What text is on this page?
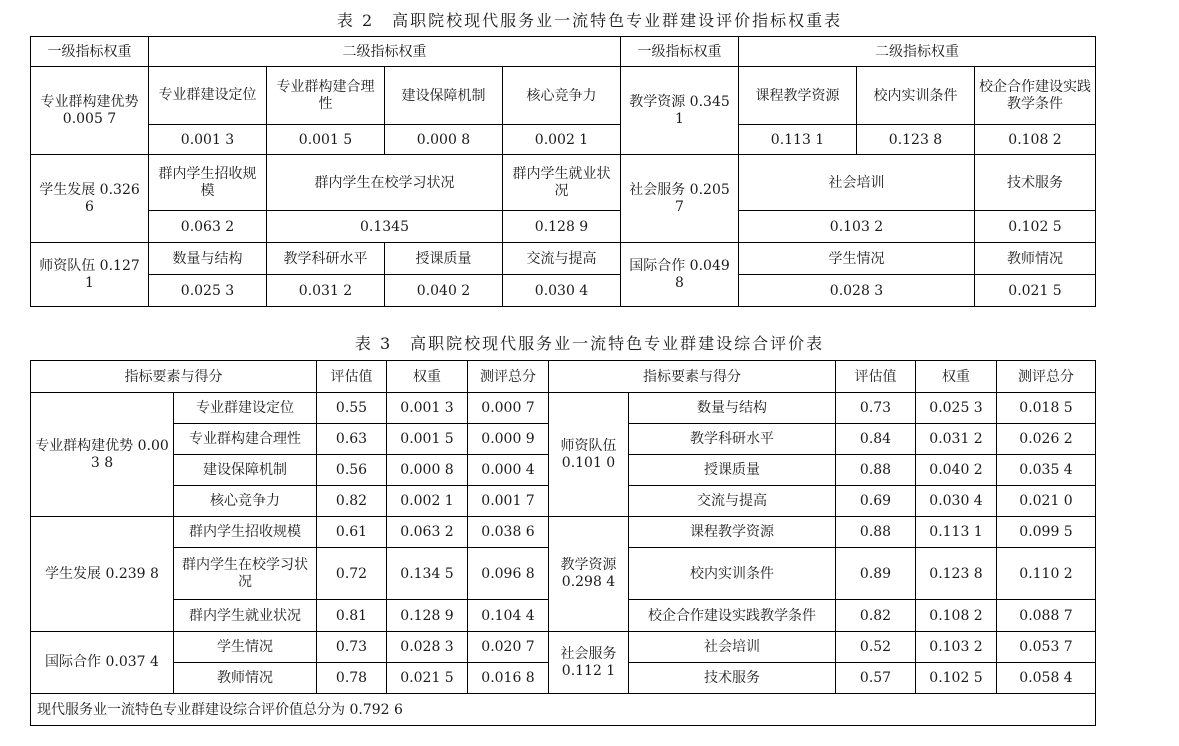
表 2　高职院校现代服务业一流特色专业群建设评价指标权重表
一级指标权重	二级指标权重				一级指标权重	二级指标权重		
专业群构建优势 0.005 7	专业群建设定位	专业群构建合理性	建设保障机制	核心竞争力	教学资源 0.345 1	课程教学资源	校内实训条件	校企合作建设实践教学条件
	0.001 3	0.001 5	0.000 8	0.002 1		0.113 1	0.123 8	0.108 2
学生发展 0.326 6	群内学生招收规模	群内学生在校学习状况		群内学生就业状况	社会服务 0.205 7	社会培训		技术服务
	0.063 2	0.1345		0.128 9		0.103 2		0.102 5
师资队伍 0.127 1	数量与结构	教学科研水平	授课质量	交流与提高	国际合作 0.049 8	学生情况		教师情况
	0.025 3	0.031 2	0.040 2	0.030 4		0.028 3		0.021 5
表 3　高职院校现代服务业一流特色专业群建设综合评价表
指标要素与得分		评估值	权重	测评总分	指标要素与得分		评估值	权重	测评总分
专业群构建优势 0.003 8	专业群建设定位	0.55	0.001 3	0.000 7	师资队伍 0.101 0	数量与结构	0.73	0.025 3	0.018 5
	专业群构建合理性	0.63	0.001 5	0.000 9		教学科研水平	0.84	0.031 2	0.026 2
	建设保障机制	0.56	0.000 8	0.000 4		授课质量	0.88	0.040 2	0.035 4
	核心竞争力	0.82	0.002 1	0.001 7		交流与提高	0.69	0.030 4	0.021 0
学生发展 0.239 8	群内学生招收规模	0.61	0.063 2	0.038 6	教学资源 0.298 4	课程教学资源	0.88	0.113 1	0.099 5
	群内学生在校学习状况	0.72	0.134 5	0.096 8		校内实训条件	0.89	0.123 8	0.110 2
	群内学生就业状况	0.81	0.128 9	0.104 4		校企合作建设实践教学条件	0.82	0.108 2	0.088 7
国际合作 0.037 4	学生情况	0.73	0.028 3	0.020 7	社会服务 0.112 1	社会培训	0.52	0.103 2	0.053 7
	教师情况	0.78	0.021 5	0.016 8		技术服务	0.57	0.102 5	0.058 4
现代服务业一流特色专业群建设综合评价值总分为 0.792 6									
